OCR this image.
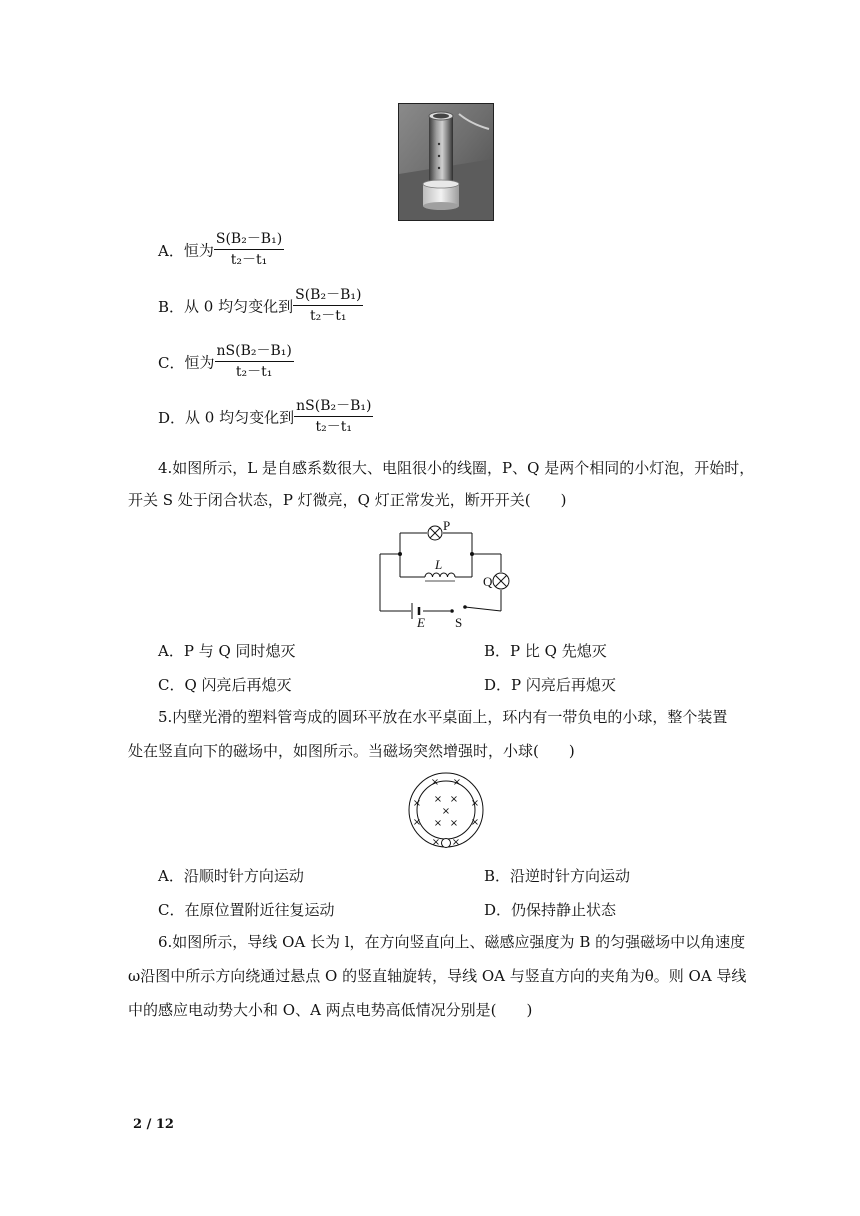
A．恒为 $\frac{\text{S(B₂－B₁)}}{\text{t₂－t₁}}$
B．从 0 均匀变化到 $\frac{\text{S(B₂－B₁)}}{\text{t₂－t₁}}$
C．恒为 $\frac{\text{nS(B₂－B₁)}}{\text{t₂－t₁}}$
D．从 0 均匀变化到 $\frac{\text{nS(B₂－B₁)}}{\text{t₂－t₁}}$
4.如图所示，L 是自感系数很大、电阻很小的线圈，P、Q 是两个相同的小灯泡，开始时，
开关 S 处于闭合状态，P 灯微亮，Q 灯正常发光，断开开关(　　)
P
L
Q
E S
A．P 与 Q 同时熄灭	B．P 比 Q 先熄灭
C．Q 闪亮后再熄灭	D．P 闪亮后再熄灭
5.内壁光滑的塑料管弯成的圆环平放在水平桌面上，环内有一带负电的小球，整个装置
处在竖直向下的磁场中，如图所示。当磁场突然增强时，小球(　　)
× ×
×	×
×	×
× ×
× ×
×
× ×
A．沿顺时针方向运动	B．沿逆时针方向运动
C．在原位置附近往复运动	D．仍保持静止状态
6.如图所示，导线 OA 长为 l，在方向竖直向上、磁感应强度为 B 的匀强磁场中以角速度
ω沿图中所示方向绕通过悬点 O 的竖直轴旋转，导线 OA 与竖直方向的夹角为θ。则 OA 导线
中的感应电动势大小和 O、A 两点电势高低情况分别是(　　)
2 / 12
